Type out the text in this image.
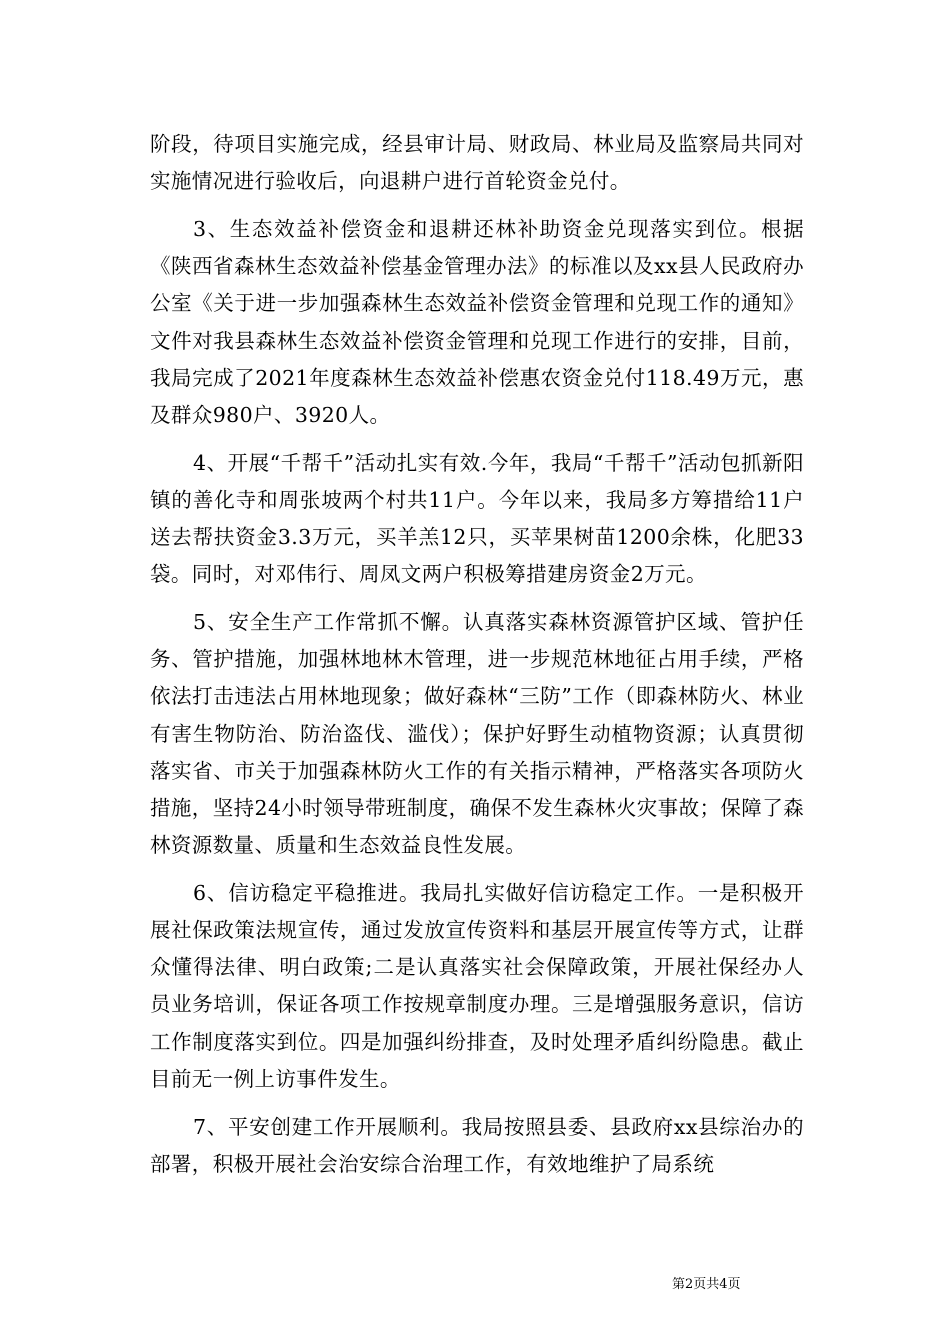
阶段，待项目实施完成，经县审计局、财政局、林业局及监察局共同对实施情况进行验收后，向退耕户进行首轮资金兑付。

3、生态效益补偿资金和退耕还林补助资金兑现落实到位。根据《陕西省森林生态效益补偿基金管理办法》的标准以及xx县人民政府办公室《关于进一步加强森林生态效益补偿资金管理和兑现工作的通知》文件对我县森林生态效益补偿资金管理和兑现工作进行的安排，目前，我局完成了2021年度森林生态效益补偿惠农资金兑付118.49万元，惠及群众980户、3920人。

4、开展“千帮千”活动扎实有效.今年，我局“千帮千”活动包抓新阳镇的善化寺和周张坡两个村共11户。今年以来，我局多方筹措给11户送去帮扶资金3.3万元，买羊羔12只，买苹果树苗1200余株，化肥33袋。同时，对邓伟行、周凤文两户积极筹措建房资金2万元。

5、安全生产工作常抓不懈。认真落实森林资源管护区域、管护任务、管护措施，加强林地林木管理，进一步规范林地征占用手续，严格依法打击违法占用林地现象；做好森林“三防”工作（即森林防火、林业有害生物防治、防治盗伐、滥伐）；保护好野生动植物资源；认真贯彻落实省、市关于加强森林防火工作的有关指示精神，严格落实各项防火措施，坚持24小时领导带班制度，确保不发生森林火灾事故；保障了森林资源数量、质量和生态效益良性发展。

6、信访稳定平稳推进。我局扎实做好信访稳定工作。一是积极开展社保政策法规宣传，通过发放宣传资料和基层开展宣传等方式，让群众懂得法律、明白政策;二是认真落实社会保障政策，开展社保经办人员业务培训，保证各项工作按规章制度办理。三是增强服务意识，信访工作制度落实到位。四是加强纠纷排查，及时处理矛盾纠纷隐患。截止目前无一例上访事件发生。

7、平安创建工作开展顺利。我局按照县委、县政府xx县综治办的部署，积极开展社会治安综合治理工作，有效地维护了局系统

第2页共4页
